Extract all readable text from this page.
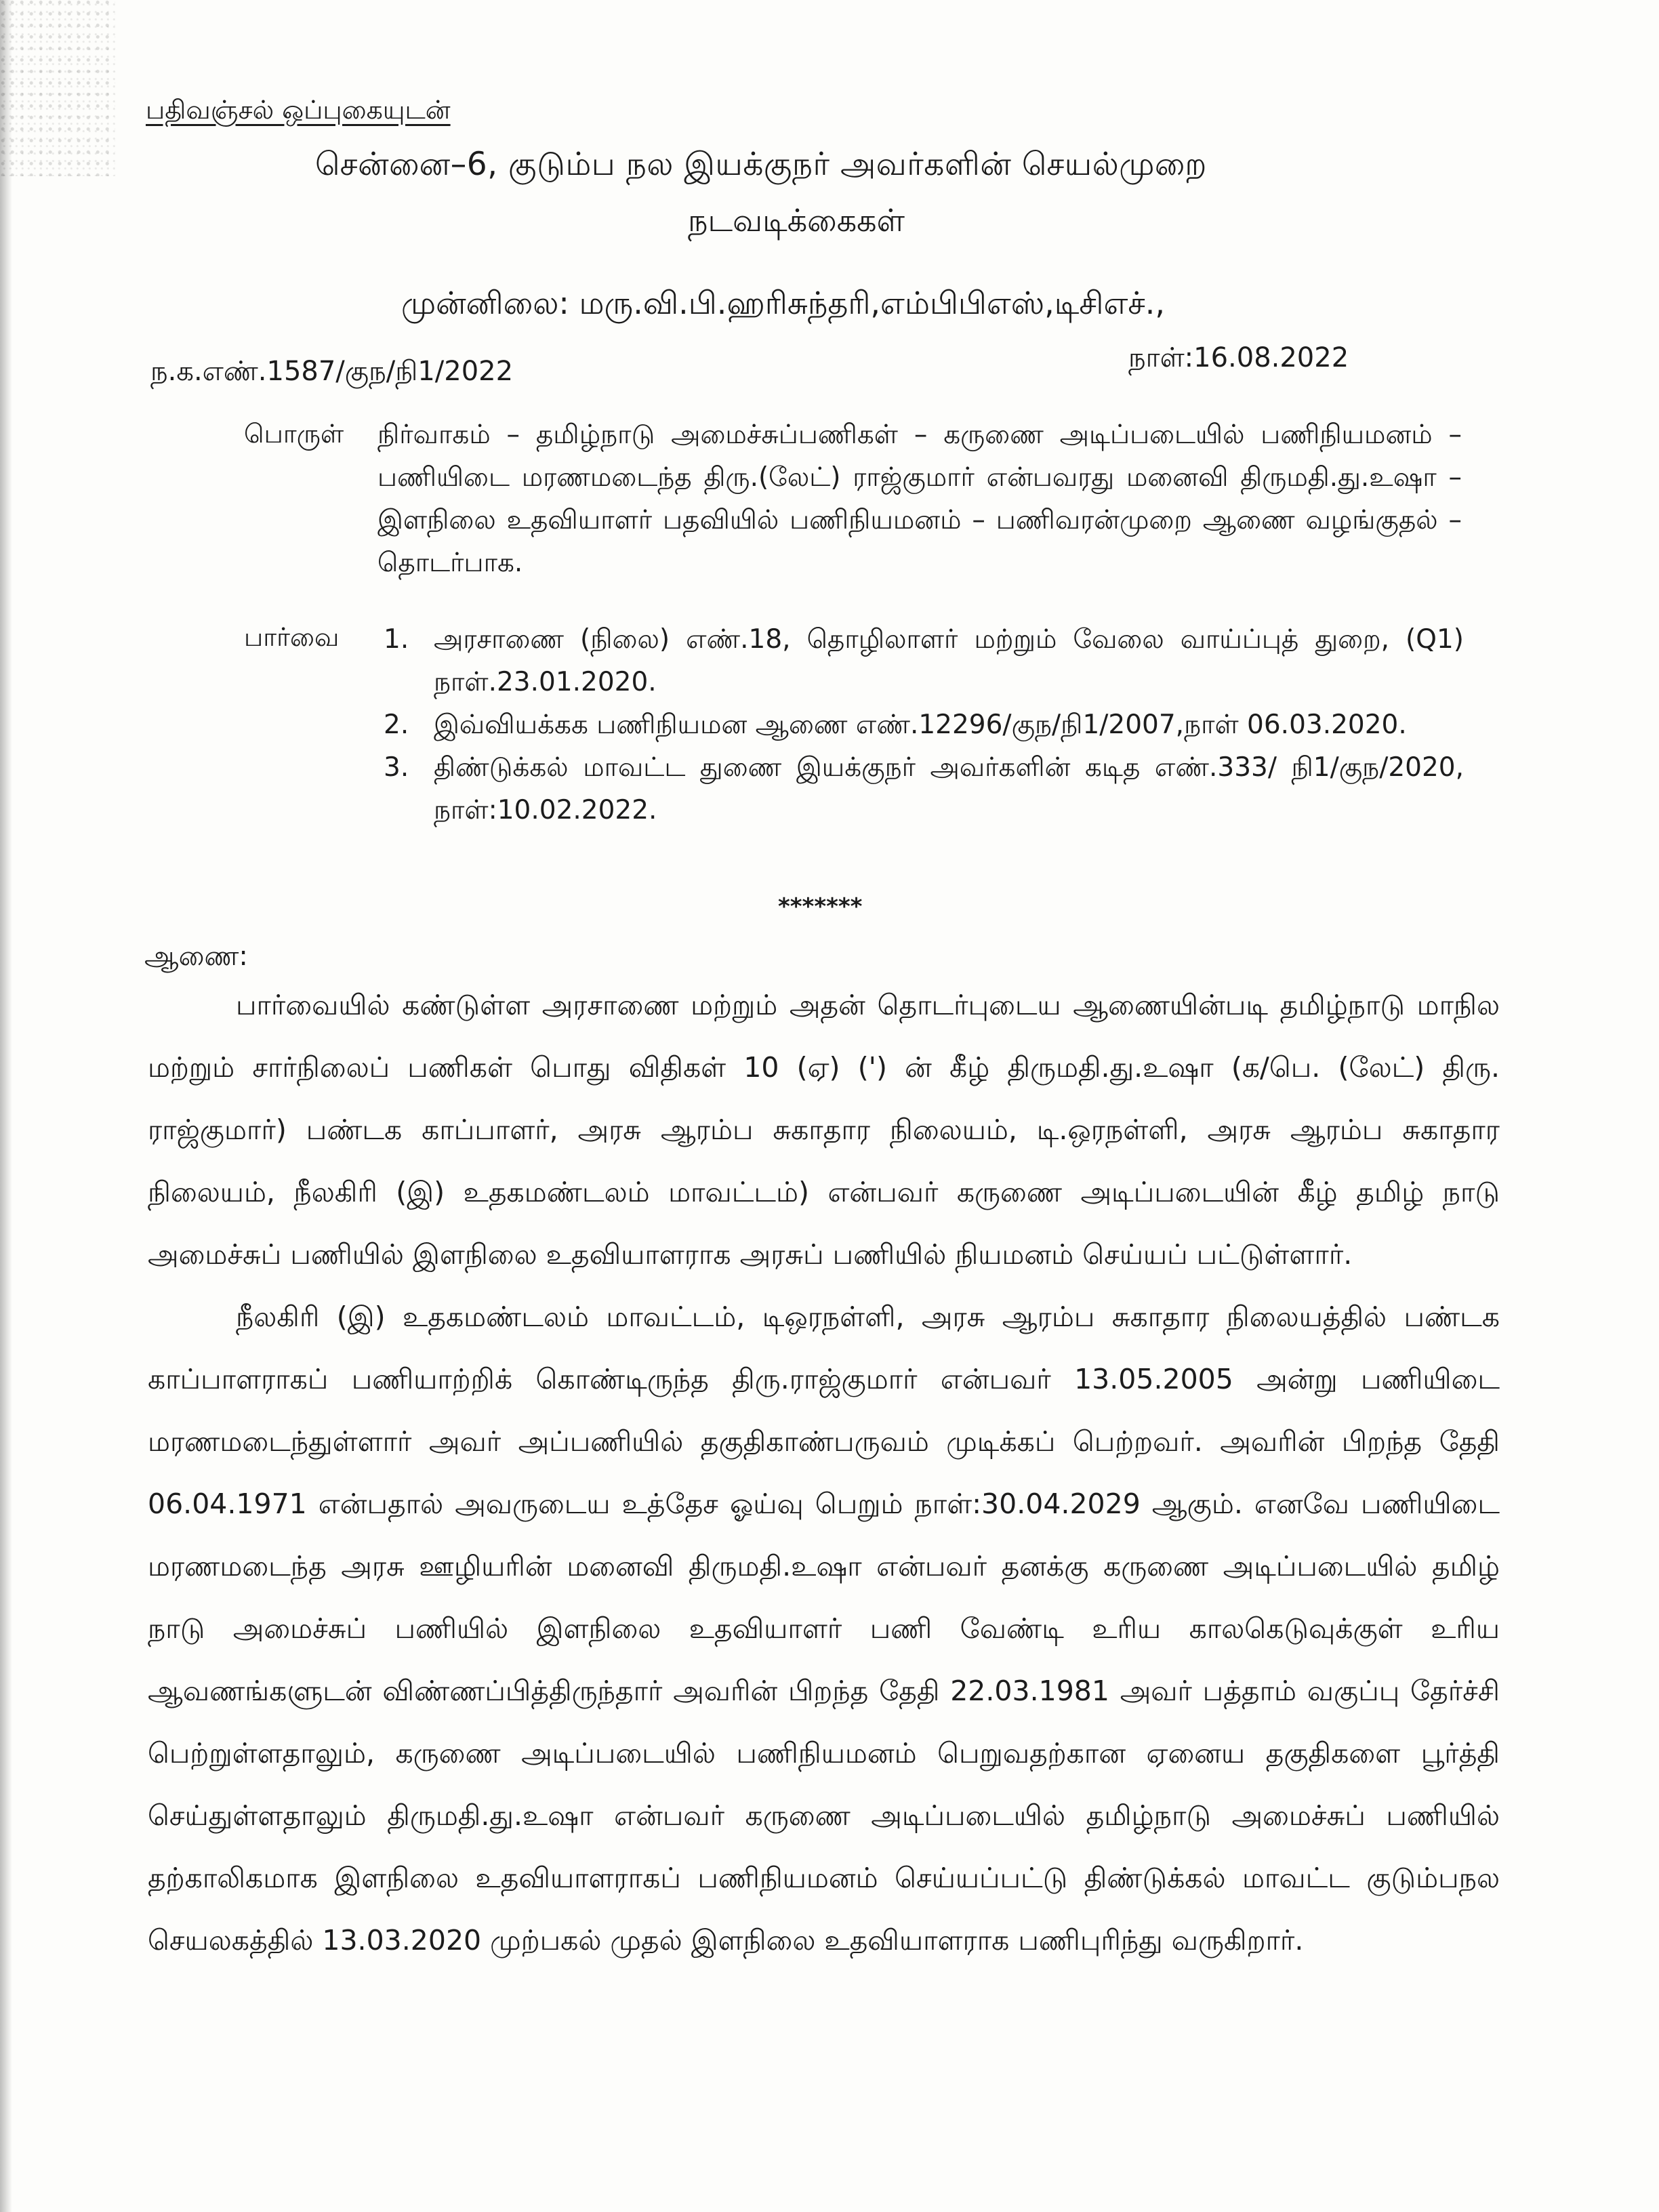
பதிவஞ்சல் ஒப்புகையுடன்
சென்னை–6, குடும்ப நல இயக்குநர் அவர்களின் செயல்முறை
நடவடிக்கைகள்
முன்னிலை: மரு.வி.பி.ஹரிசுந்தரி,எம்பிபிஎஸ்,டிசிஎச்.,
ந.க.எண்.1587/குந/நி1/2022	நாள்:16.08.2022
பொருள் நிர்வாகம் – தமிழ்நாடு அமைச்சுப்பணிகள் – கருணை அடிப்படையில் பணிநியமனம் –பணியிடை மரணமடைந்த திரு.(லேட்) ராஜ்குமார் என்பவரது மனைவி திருமதி.து.உஷா – இளநிலை உதவியாளர் பதவியில் பணிநியமனம் – பணிவரன்முறை ஆணை வழங்குதல் – தொடர்பாக.
பார்வை 1. அரசாணை (நிலை) எண்.18, தொழிலாளர் மற்றும் வேலை வாய்ப்புத் துறை, (Q1) நாள்.23.01.2020.
2. இவ்வியக்கக பணிநியமன ஆணை எண்.12296/குந/நி1/2007,நாள் 06.03.2020.
3. திண்டுக்கல் மாவட்ட துணை இயக்குநர் அவர்களின் கடித எண்.333/ நி1/குந/2020, நாள்:10.02.2022.
*******
ஆணை:

பார்வையில் கண்டுள்ள அரசாணை மற்றும் அதன் தொடர்புடைய ஆணையின்படி தமிழ்நாடு மாநில மற்றும் சார்நிலைப் பணிகள் பொது விதிகள் 10 (ஏ) (') ன் கீழ் திருமதி.து.உஷா (க/பெ. (லேட்) திரு. ராஜ்குமார்) பண்டக காப்பாளர், அரசு ஆரம்ப சுகாதார நிலையம், டி.ஒரநள்ளி, அரசு ஆரம்ப சுகாதார நிலையம், நீலகிரி (இ) உதகமண்டலம் மாவட்டம்) என்பவர் கருணை அடிப்படையின் கீழ் தமிழ் நாடு அமைச்சுப் பணியில் இளநிலை உதவியாளராக அரசுப் பணியில் நியமனம் செய்யப் பட்டுள்ளார்.

நீலகிரி (இ) உதகமண்டலம் மாவட்டம், டிஒரநள்ளி, அரசு ஆரம்ப சுகாதார நிலையத்தில் பண்டக காப்பாளராகப் பணியாற்றிக் கொண்டிருந்த திரு.ராஜ்குமார் என்பவர் 13.05.2005 அன்று பணியிடை மரணமடைந்துள்ளார் அவர் அப்பணியில் தகுதிகாண்பருவம் முடிக்கப் பெற்றவர். அவரின் பிறந்த தேதி 06.04.1971 என்பதால் அவருடைய உத்தேச ஓய்வு பெறும் நாள்:30.04.2029 ஆகும். எனவே பணியிடை மரணமடைந்த அரசு ஊழியரின் மனைவி திருமதி.உஷா என்பவர் தனக்கு கருணை அடிப்படையில் தமிழ் நாடு அமைச்சுப் பணியில் இளநிலை உதவியாளர் பணி வேண்டி உரிய காலகெடுவுக்குள் உரிய ஆவணங்களுடன் விண்ணப்பித்திருந்தார் அவரின் பிறந்த தேதி 22.03.1981 அவர் பத்தாம் வகுப்பு தேர்ச்சி பெற்றுள்ளதாலும், கருணை அடிப்படையில் பணிநியமனம் பெறுவதற்கான ஏனைய தகுதிகளை பூர்த்தி செய்துள்ளதாலும் திருமதி.து.உஷா என்பவர் கருணை அடிப்படையில் தமிழ்நாடு அமைச்சுப் பணியில் தற்காலிகமாக இளநிலை உதவியாளராகப் பணிநியமனம் செய்யப்பட்டு திண்டுக்கல் மாவட்ட குடும்பநல செயலகத்தில் 13.03.2020 முற்பகல் முதல் இளநிலை உதவியாளராக பணிபுரிந்து வருகிறார்.
